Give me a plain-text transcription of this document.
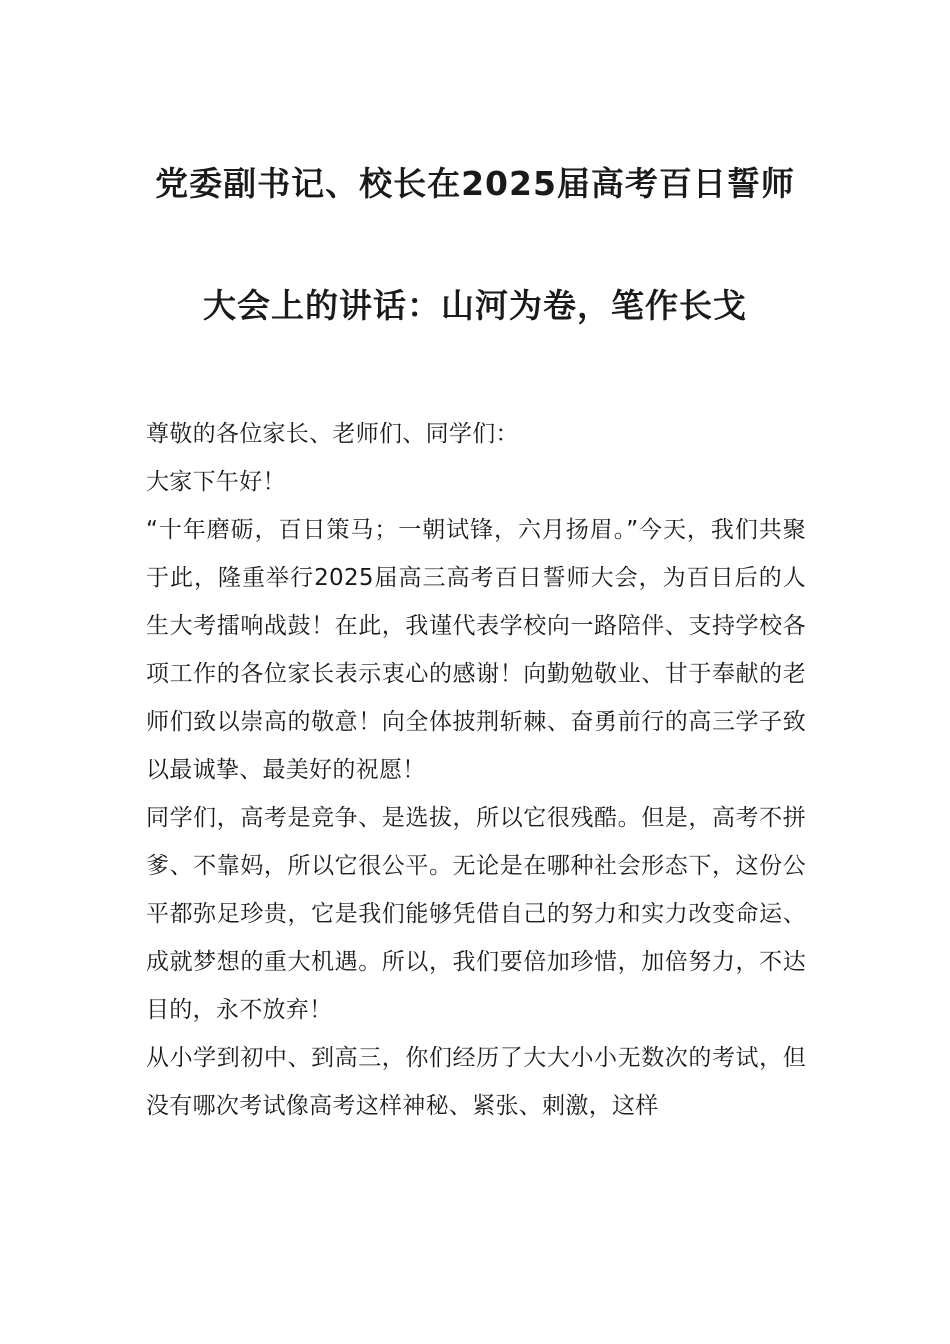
党委副书记、校长在2025届高考百日誓师
大会上的讲话：山河为卷，笔作长戈

尊敬的各位家长、老师们、同学们：

大家下午好！

“十年磨砺，百日策马；一朝试锋，六月扬眉。”今天，我们共聚于此，隆重举行2025届高三高考百日誓师大会，为百日后的人生大考擂响战鼓！在此，我谨代表学校向一路陪伴、支持学校各项工作的各位家长表示衷心的感谢！向勤勉敬业、甘于奉献的老师们致以崇高的敬意！向全体披荆斩棘、奋勇前行的高三学子致以最诚挚、最美好的祝愿！

同学们，高考是竞争、是选拔，所以它很残酷。但是，高考不拼爹、不靠妈，所以它很公平。无论是在哪种社会形态下，这份公平都弥足珍贵，它是我们能够凭借自己的努力和实力改变命运、成就梦想的重大机遇。所以，我们要倍加珍惜，加倍努力，不达目的，永不放弃！

从小学到初中、到高三，你们经历了大大小小无数次的考试，但没有哪次考试像高考这样神秘、紧张、刺激，这样
